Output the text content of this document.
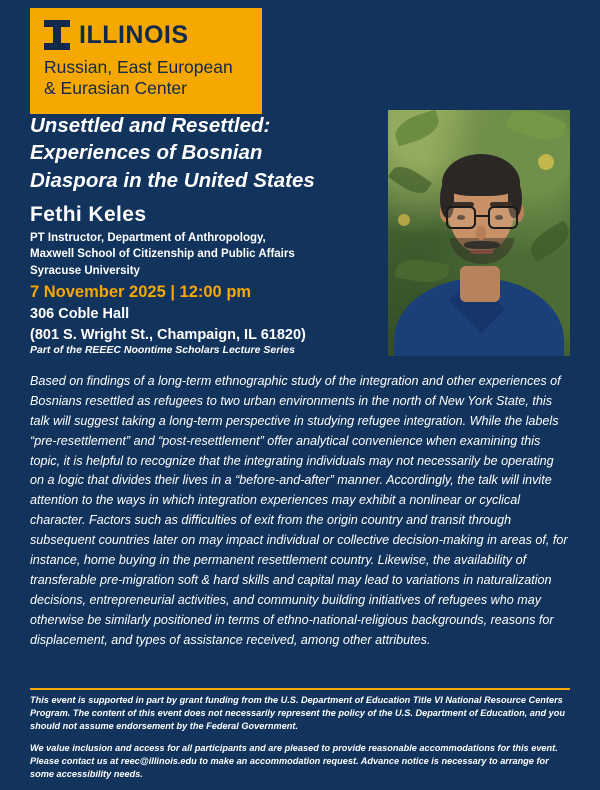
ILLINOIS
Russian, East European
& Eurasian Center
Unsettled and Resettled:
Experiences of Bosnian
Diaspora in the United States
Fethi Keles
PT Instructor, Department of Anthropology,
Maxwell School of Citizenship and Public Affairs
Syracuse University
7 November 2025 | 12:00 pm
306 Coble Hall
(801 S. Wright St., Champaign, IL 61820)
Part of the REEEC Noontime Scholars Lecture Series
Based on findings of a long-term ethnographic study of the integration and other experiences of Bosnians resettled as refugees to two urban environments in the north of New York State, this talk will suggest taking a long-term perspective in studying refugee integration. While the labels “pre-resettlement” and “post-resettlement” offer analytical convenience when examining this topic, it is helpful to recognize that the integrating individuals may not necessarily be operating on a logic that divides their lives in a “before-and-after” manner. Accordingly, the talk will invite attention to the ways in which integration experiences may exhibit a nonlinear or cyclical character. Factors such as difficulties of exit from the origin country and transit through subsequent countries later on may impact individual or collective decision-making in areas of, for instance, home buying in the permanent resettlement country. Likewise, the availability of transferable pre-migration soft & hard skills and capital may lead to variations in naturalization decisions, entrepreneurial activities, and community building initiatives of refugees who may otherwise be similarly positioned in terms of ethno-national-religious backgrounds, reasons for displacement, and types of assistance received, among other attributes.

This event is supported in part by grant funding from the U.S. Department of Education Title VI National Resource Centers Program. The content of this event does not necessarily represent the policy of the U.S. Department of Education, and you should not assume endorsement by the Federal Government.

We value inclusion and access for all participants and are pleased to provide reasonable accommodations for this event. Please contact us at reec@illinois.edu to make an accommodation request. Advance notice is necessary to arrange for some accessibility needs.
